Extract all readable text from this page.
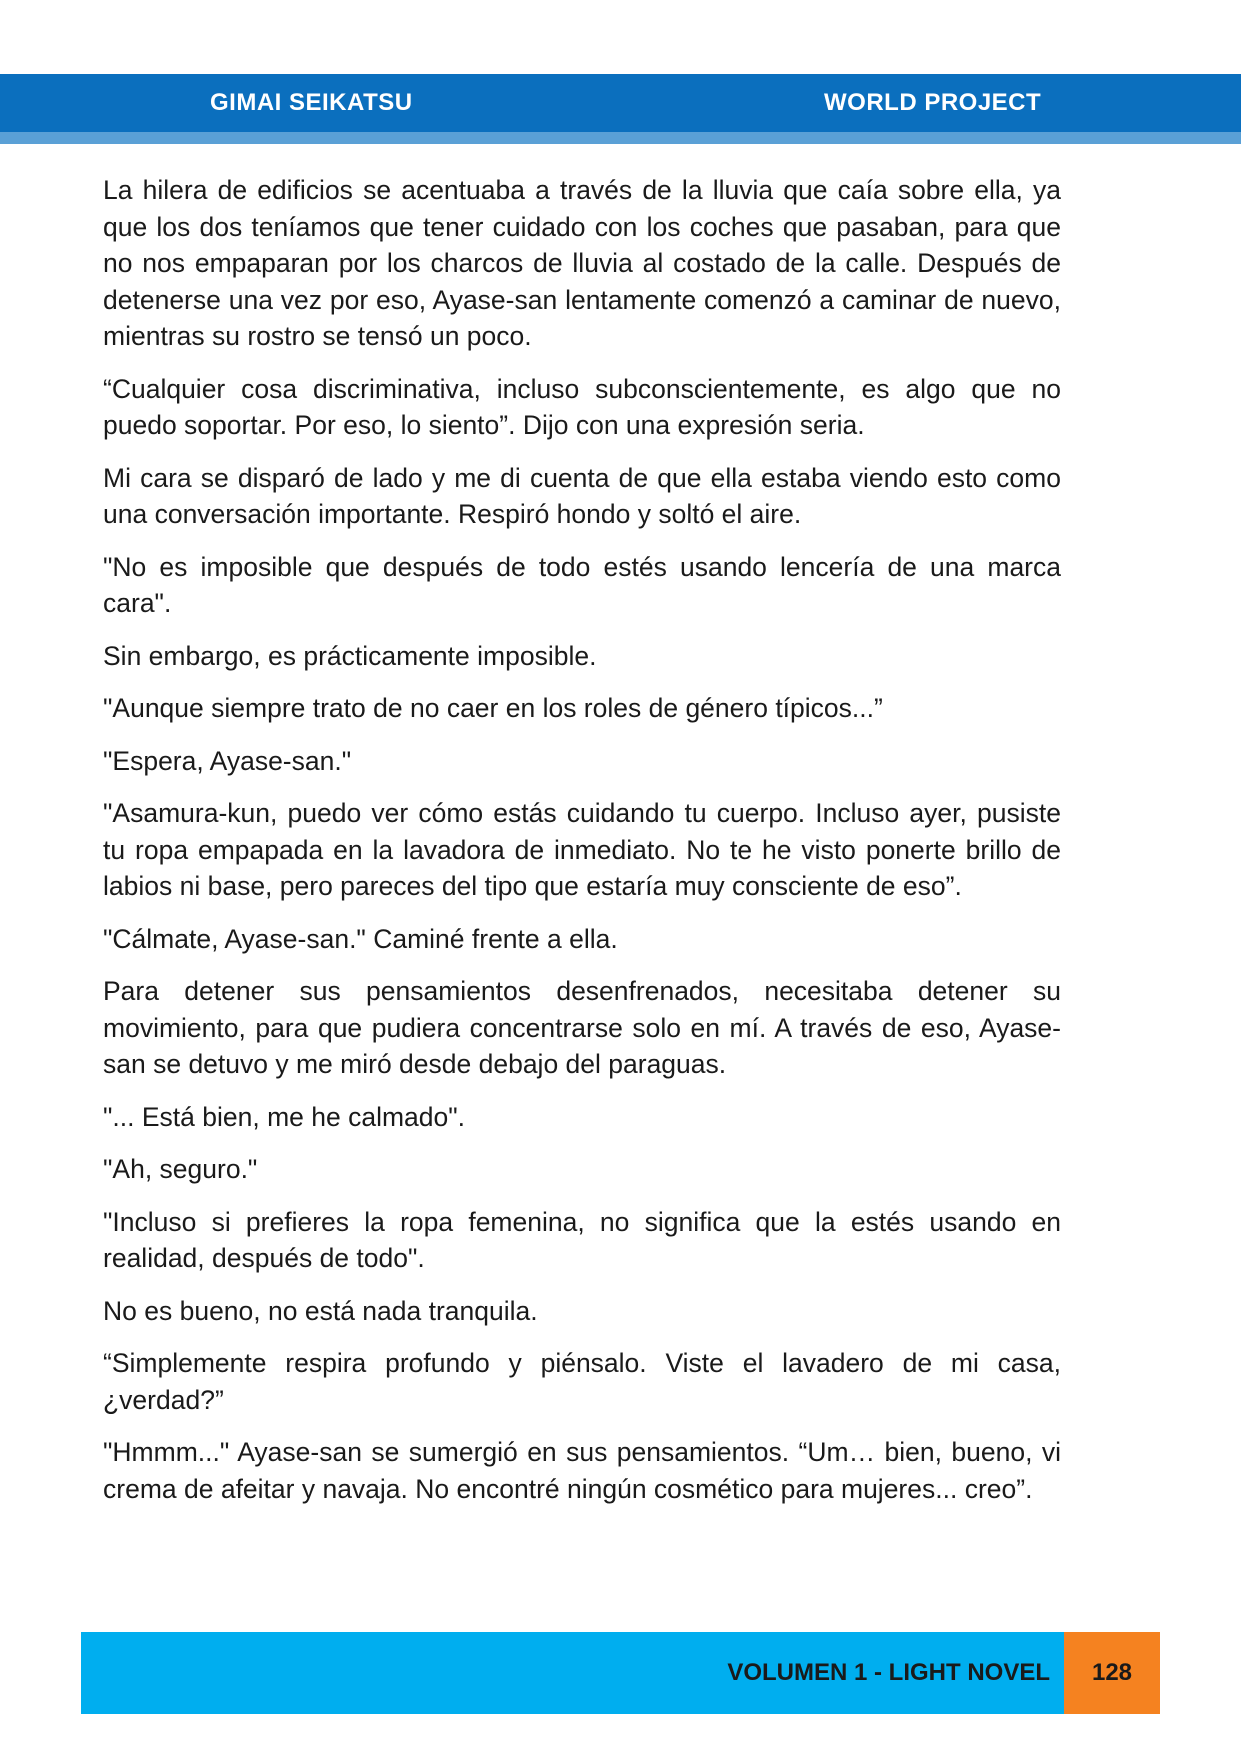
GIMAI SEIKATSU	WORLD PROJECT

La hilera de edificios se acentuaba a través de la lluvia que caía sobre ella, ya que los dos teníamos que tener cuidado con los coches que pasaban, para que no nos empaparan por los charcos de lluvia al costado de la calle. Después de detenerse una vez por eso, Ayase-san lentamente comenzó a caminar de nuevo, mientras su rostro se tensó un poco.

“Cualquier cosa discriminativa, incluso subconscientemente, es algo que no puedo soportar. Por eso, lo siento”. Dijo con una expresión seria.

Mi cara se disparó de lado y me di cuenta de que ella estaba viendo esto como una conversación importante. Respiró hondo y soltó el aire.

"No es imposible que después de todo estés usando lencería de una marca cara".

Sin embargo, es prácticamente imposible.

"Aunque siempre trato de no caer en los roles de género típicos...”

"Espera, Ayase-san."

"Asamura-kun, puedo ver cómo estás cuidando tu cuerpo. Incluso ayer, pusiste tu ropa empapada en la lavadora de inmediato. No te he visto ponerte brillo de labios ni base, pero pareces del tipo que estaría muy consciente de eso”.

"Cálmate, Ayase-san." Caminé frente a ella.

Para detener sus pensamientos desenfrenados, necesitaba detener su movimiento, para que pudiera concentrarse solo en mí. A través de eso, Ayase-san se detuvo y me miró desde debajo del paraguas.

"... Está bien, me he calmado".

"Ah, seguro."

"Incluso si prefieres la ropa femenina, no significa que la estés usando en realidad, después de todo".

No es bueno, no está nada tranquila.

“Simplemente respira profundo y piénsalo. Viste el lavadero de mi casa, ¿verdad?”

"Hmmm..." Ayase-san se sumergió en sus pensamientos. “Um… bien, bueno, vi crema de afeitar y navaja. No encontré ningún cosmético para mujeres... creo”.

VOLUMEN 1 - LIGHT NOVEL	128
